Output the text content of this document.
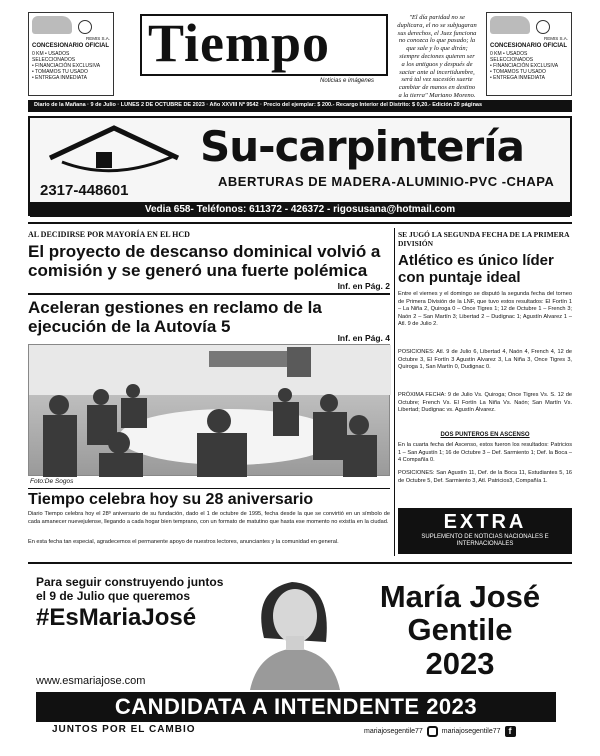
REMIS S.A.
CONCESIONARIO OFICIAL
0 KM • USADOS SELECCIONADOS
• FINANCIACIÓN EXCLUSIVA
• TOMAMOS TU USADO
• ENTREGA INMEDIATA
Tiempo
Noticias e imágenes
"El día paridad no se duplicara, el no se subjugaran sus derechos, el Juez funciona no conozca lo que pasado; la que sale y lo que dirán; siempre deciones quieren ser a los antiguos y después de saciar ante al incertidumbre, será tal vez sucesión suerte cambiar de manos en destino a la tierra" Mariano Moreno.
REMIS S.A.
CONCESIONARIO OFICIAL
0 KM • USADOS SELECCIONADOS
• FINANCIACIÓN EXCLUSIVA
• TOMAMOS TU USADO
• ENTREGA INMEDIATA
Diario de la Mañana · 9 de Julio · LUNES 2 DE OCTUBRE DE 2023 · Año XXVIII Nº 9542 · Precio del ejemplar: $ 200.- Recargo Interior del Distrito: $ 0,20.- Edición 20 páginas
Su-carpintería
2317-448601
ABERTURAS DE MADERA-ALUMINIO-PVC -CHAPA
Vedia 658- Teléfonos: 611372 - 426372 - rigosusana@hotmail.com
AL DECIDIRSE POR MAYORÍA EN EL HCD
El proyecto de descanso dominical volvió a comisión y se generó una fuerte polémica
Inf. en Pág. 2
Aceleran gestiones en reclamo de la ejecución de la Autovía 5
Inf. en Pág. 4
Foto:De Sogos
Tiempo celebra hoy su 28 aniversario
Diario Tiempo celebra hoy el 28º aniversario de su fundación, dado el 1 de octubre de 1995, fecha desde la que se convirtió en un símbolo de cada amanecer nuevejulense, llegando a cada hogar bien temprano, con un formato de matutino que hasta ese momento no existía en la ciudad.
En esta fecha tan especial, agradecemos el permanente apoyo de nuestros lectores, anunciantes y la comunidad en general.
SE JUGÓ LA SEGUNDA FECHA DE LA PRIMERA DIVISIÓN
Atlético es único líder con puntaje ideal
Entre el viernes y el domingo se disputó la segunda fecha del torneo de Primera División de la LNF, que tuvo estos resultados: El Fortín 1 – La Niña 2, Quiroga 0 – Once Tigres 1; 12 de Octubre 1 – French 3; Naón 2 – San Martín 3; Libertad 2 – Dudignac 1; Agustín Alvarez 1 – Atl. 9 de Julio 2.
POSICIONES: Atl. 9 de Julio 6, Libertad 4, Naón 4, French 4, 12 de Octubre 3, El Fortín 3 Agustín Alvarez 3, La Niña 3, Once Tigres 3, Quiroga 1, San Martín 0, Dudignac 0.
PRÓXIMA FECHA: 9 de Julio Vs. Quiroga; Once Tigres Vs. S. 12 de Octubre; French Vs. El Fortín La Niña Vs. Naón; San Martín Vs. Libertad; Dudignac vs. Agustín Álvarez.
DOS PUNTEROS EN ASCENSO
En la cuarta fecha del Ascenso, estos fueron los resultados: Patricios 1 – San Agustín 1; 16 de Octubre 3 – Def. Sarmiento 1; Def. la Boca – 4 Compañía 0.
POSICIONES: San Agustín 11, Def. de la Boca 11, Estudiantes 5, 16 de Octubre 5, Def. Sarmiento 3, Atl. Patricios3, Compañía 1.
EXTRA
SUPLEMENTO DE NOTICIAS NACIONALES E INTERNACIONALES
Para seguir construyendo juntos
el 9 de Julio que queremos
#EsMariaJosé
María José
Gentile
2023
www.esmariajose.com
CANDIDATA A INTENDENTE 2023
JUNTOS POR EL CAMBIO	mariajosegentile77	mariajosegentile77 f
